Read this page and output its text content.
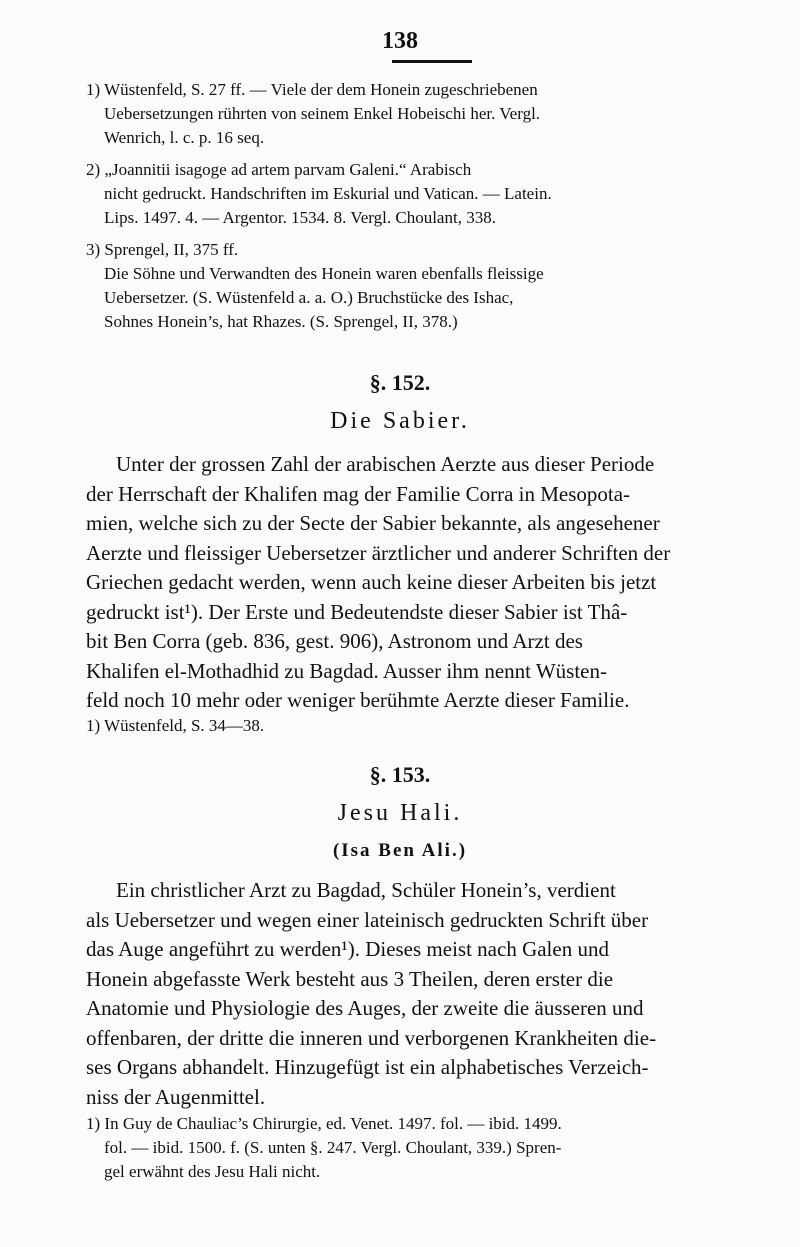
138
1) Wüstenfeld, S. 27 ff. — Viele der dem Honein zugeschriebenen
Uebersetzungen rührten von seinem Enkel Hobeischi her. Vergl.
Wenrich, l. c. p. 16 seq.
2) „Joannitii isagoge ad artem parvam Galeni.“ Arabisch
nicht gedruckt. Handschriften im Eskurial und Vatican. — Latein.
Lips. 1497. 4. — Argentor. 1534. 8. Vergl. Choulant, 338.
3) Sprengel, II, 375 ff.
Die Söhne und Verwandten des Honein waren ebenfalls fleissige
Uebersetzer. (S. Wüstenfeld a. a. O.) Bruchstücke des Ishac,
Sohnes Honein’s, hat Rhazes. (S. Sprengel, II, 378.)
§. 152.
Die Sabier.
Unter der grossen Zahl der arabischen Aerzte aus dieser Periode
der Herrschaft der Khalifen mag der Familie Corra in Mesopota-
mien, welche sich zu der Secte der Sabier bekannte, als angesehener
Aerzte und fleissiger Uebersetzer ärztlicher und anderer Schriften der
Griechen gedacht werden, wenn auch keine dieser Arbeiten bis jetzt
gedruckt ist¹). Der Erste und Bedeutendste dieser Sabier ist Thâ-
bit Ben Corra (geb. 836, gest. 906), Astronom und Arzt des
Khalifen el-Mothadhid zu Bagdad. Ausser ihm nennt Wüsten-
feld noch 10 mehr oder weniger berühmte Aerzte dieser Familie.
1) Wüstenfeld, S. 34—38.
§. 153.
Jesu Hali.
(Isa Ben Ali.)
Ein christlicher Arzt zu Bagdad, Schüler Honein’s, verdient
als Uebersetzer und wegen einer lateinisch gedruckten Schrift über
das Auge angeführt zu werden¹). Dieses meist nach Galen und
Honein abgefasste Werk besteht aus 3 Theilen, deren erster die
Anatomie und Physiologie des Auges, der zweite die äusseren und
offenbaren, der dritte die inneren und verborgenen Krankheiten die-
ses Organs abhandelt. Hinzugefügt ist ein alphabetisches Verzeich-
niss der Augenmittel.
1) In Guy de Chauliac’s Chirurgie, ed. Venet. 1497. fol. — ibid. 1499.
fol. — ibid. 1500. f. (S. unten §. 247. Vergl. Choulant, 339.) Spren-
gel erwähnt des Jesu Hali nicht.
